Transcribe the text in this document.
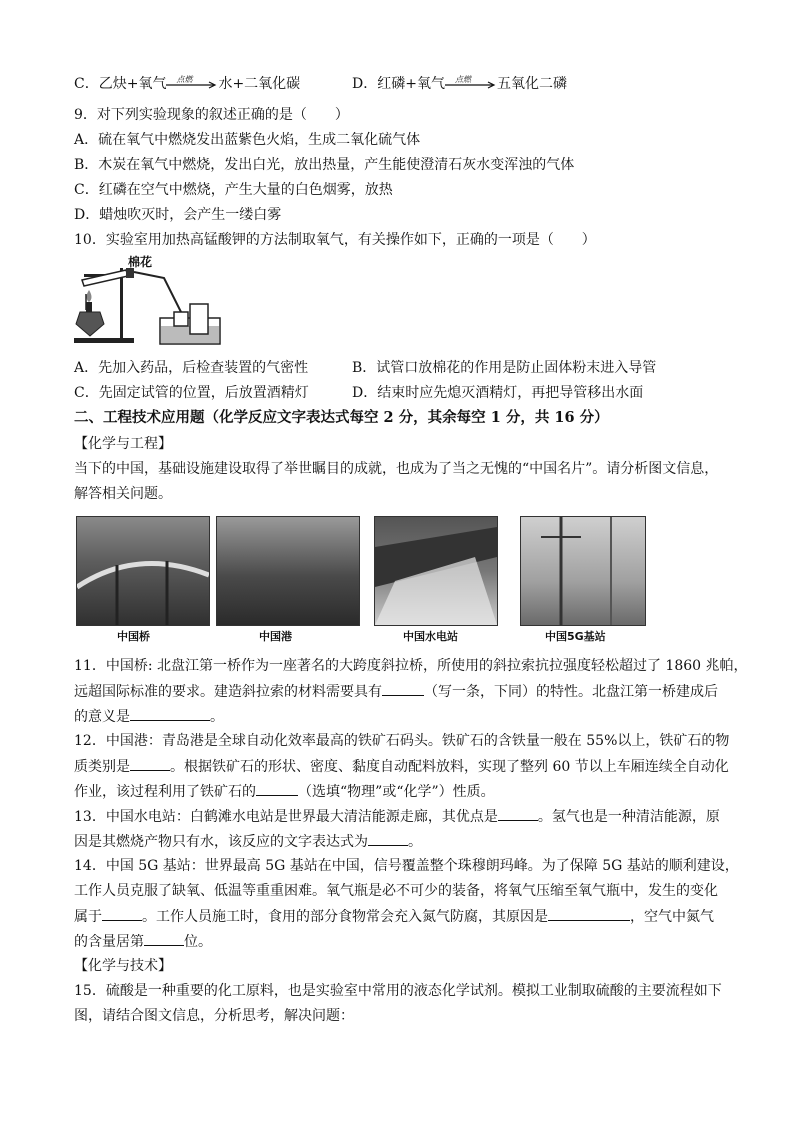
C．乙炔+氧气 点燃 水+二氧化碳	D．红磷+氧气 点燃 五氧化二磷
9．对下列实验现象的叙述正确的是（　　）
A．硫在氧气中燃烧发出蓝紫色火焰，生成二氧化硫气体
B．木炭在氧气中燃烧，发出白光，放出热量，产生能使澄清石灰水变浑浊的气体
C．红磷在空气中燃烧，产生大量的白色烟雾，放热
D．蜡烛吹灭时，会产生一缕白雾
10．实验室用加热高锰酸钾的方法制取氧气，有关操作如下，正确的一项是（　　）
棉花
A．先加入药品，后检查装置的气密性	B．试管口放棉花的作用是防止固体粉末进入导管
C．先固定试管的位置，后放置酒精灯	D．结束时应先熄灭酒精灯，再把导管移出水面
二、工程技术应用题（化学反应文字表达式每空 2 分，其余每空 1 分，共 16 分）
【化学与工程】
当下的中国，基础设施建设取得了举世瞩目的成就，也成为了当之无愧的“中国名片”。请分析图文信息，
解答相关问题。
中国桥	中国港	中国水电站	中国5G基站
11．中国桥: 北盘江第一桥作为一座著名的大跨度斜拉桥，所使用的斜拉索抗拉强度轻松超过了 1860 兆帕，
远超国际标准的要求。建造斜拉索的材料需要具有	（写一条，下同）的特性。北盘江第一桥建成后
的意义是	。
12．中国港：青岛港是全球自动化效率最高的铁矿石码头。铁矿石的含铁量一般在 55%以上，铁矿石的物
质类别是	。根据铁矿石的形状、密度、黏度自动配料放料，实现了整列 60 节以上车厢连续全自动化
作业，该过程利用了铁矿石的	（选填“物理”或“化学”）性质。
13．中国水电站：白鹤滩水电站是世界最大清洁能源走廊，其优点是	。氢气也是一种清洁能源，原
因是其燃烧产物只有水，该反应的文字表达式为	。
14．中国 5G 基站：世界最高 5G 基站在中国，信号覆盖整个珠穆朗玛峰。为了保障 5G 基站的顺利建设，
工作人员克服了缺氧、低温等重重困难。氧气瓶是必不可少的装备，将氧气压缩至氧气瓶中，发生的变化
属于	。工作人员施工时，食用的部分食物常会充入氮气防腐，其原因是	，空气中氮气
的含量居第	位。
【化学与技术】
15．硫酸是一种重要的化工原料，也是实验室中常用的液态化学试剂。模拟工业制取硫酸的主要流程如下
图，请结合图文信息，分析思考，解决问题：
